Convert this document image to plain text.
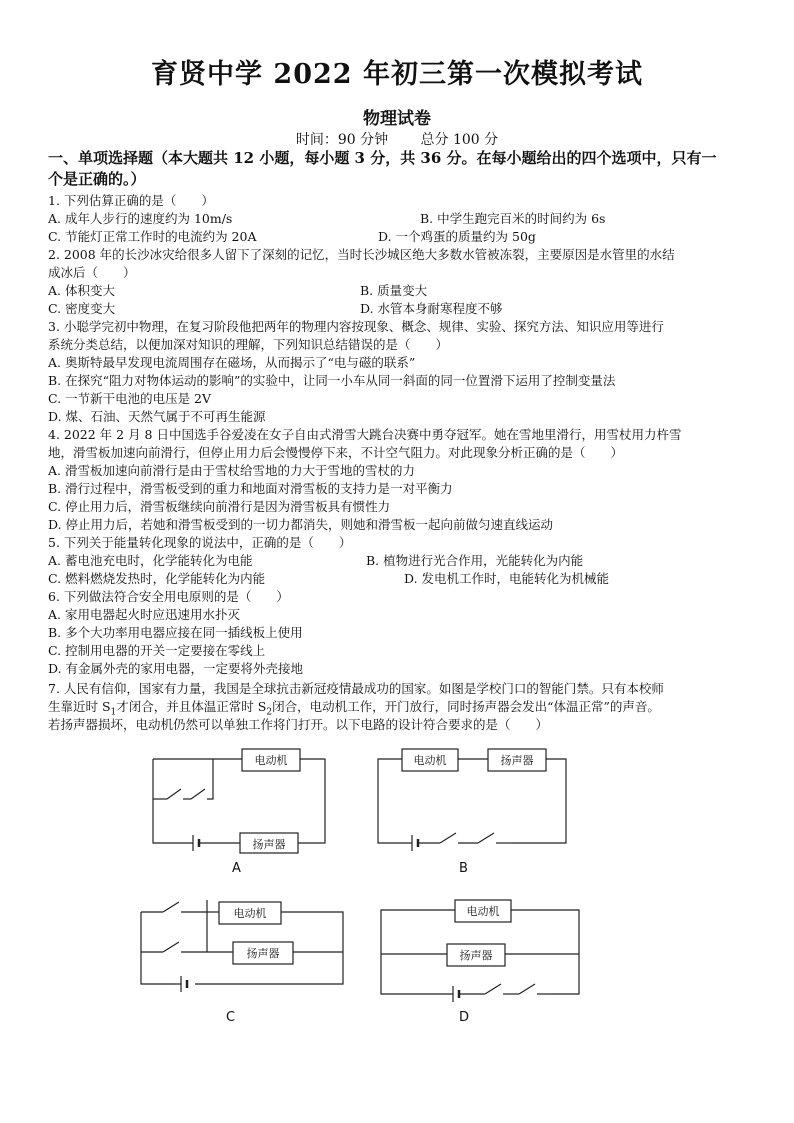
育贤中学 2022 年初三第一次模拟考试
物理试卷
时间：90 分钟 总分 100 分
一、单项选择题（本大题共 12 小题，每小题 3 分，共 36 分。在每小题给出的四个选项中，只有一
个是正确的。）
1. 下列估算正确的是（　　）
A. 成年人步行的速度约为 10m/s	B. 中学生跑完百米的时间约为 6s
C. 节能灯正常工作时的电流约为 20A	D. 一个鸡蛋的质量约为 50g
2. 2008 年的长沙冰灾给很多人留下了深刻的记忆，当时长沙城区绝大多数水管被冻裂，主要原因是水管里的水结
成冰后（　　）
A. 体积变大	B. 质量变大
C. 密度变大	D. 水管本身耐寒程度不够
3. 小聪学完初中物理，在复习阶段他把两年的物理内容按现象、概念、规律、实验、探究方法、知识应用等进行
系统分类总结，以便加深对知识的理解，下列知识总结错误的是（　　）
A. 奥斯特最早发现电流周围存在磁场，从而揭示了“电与磁的联系”
B. 在探究“阻力对物体运动的影响”的实验中，让同一小车从同一斜面的同一位置滑下运用了控制变量法
C. 一节新干电池的电压是 2V
D. 煤、石油、天然气属于不可再生能源
4. 2022 年 2 月 8 日中国选手谷爱凌在女子自由式滑雪大跳台决赛中勇夺冠军。她在雪地里滑行，用雪杖用力杵雪
地，滑雪板加速向前滑行，但停止用力后会慢慢停下来，不计空气阻力。对此现象分析正确的是（　　）
A. 滑雪板加速向前滑行是由于雪杖给雪地的力大于雪地的雪杖的力
B. 滑行过程中，滑雪板受到的重力和地面对滑雪板的支持力是一对平衡力
C. 停止用力后，滑雪板继续向前滑行是因为滑雪板具有惯性力
D. 停止用力后，若她和滑雪板受到的一切力都消失，则她和滑雪板一起向前做匀速直线运动
5. 下列关于能量转化现象的说法中，正确的是（　　）
A. 蓄电池充电时，化学能转化为电能	B. 植物进行光合作用，光能转化为内能
C. 燃料燃烧发热时，化学能转化为内能	D. 发电机工作时，电能转化为机械能
6. 下列做法符合安全用电原则的是（　　）
A. 家用电器起火时应迅速用水扑灭
B. 多个大功率用电器应接在同一插线板上使用
C. 控制用电器的开关一定要接在零线上
D. 有金属外壳的家用电器，一定要将外壳接地
7. 人民有信仰，国家有力量，我国是全球抗击新冠疫情最成功的国家。如图是学校门口的智能门禁。只有本校师
生靠近时 $S_1$才闭合，并且体温正常时 $S_2$闭合，电动机工作，开门放行，同时扬声器会发出“体温正常”的声音。
若扬声器损坏，电动机仍然可以单独工作将门打开。以下电路的设计符合要求的是（　　）
扬声器
电动机
A
电动机	扬声器
B
电动机
扬声器
C
电动机
扬声器
D
